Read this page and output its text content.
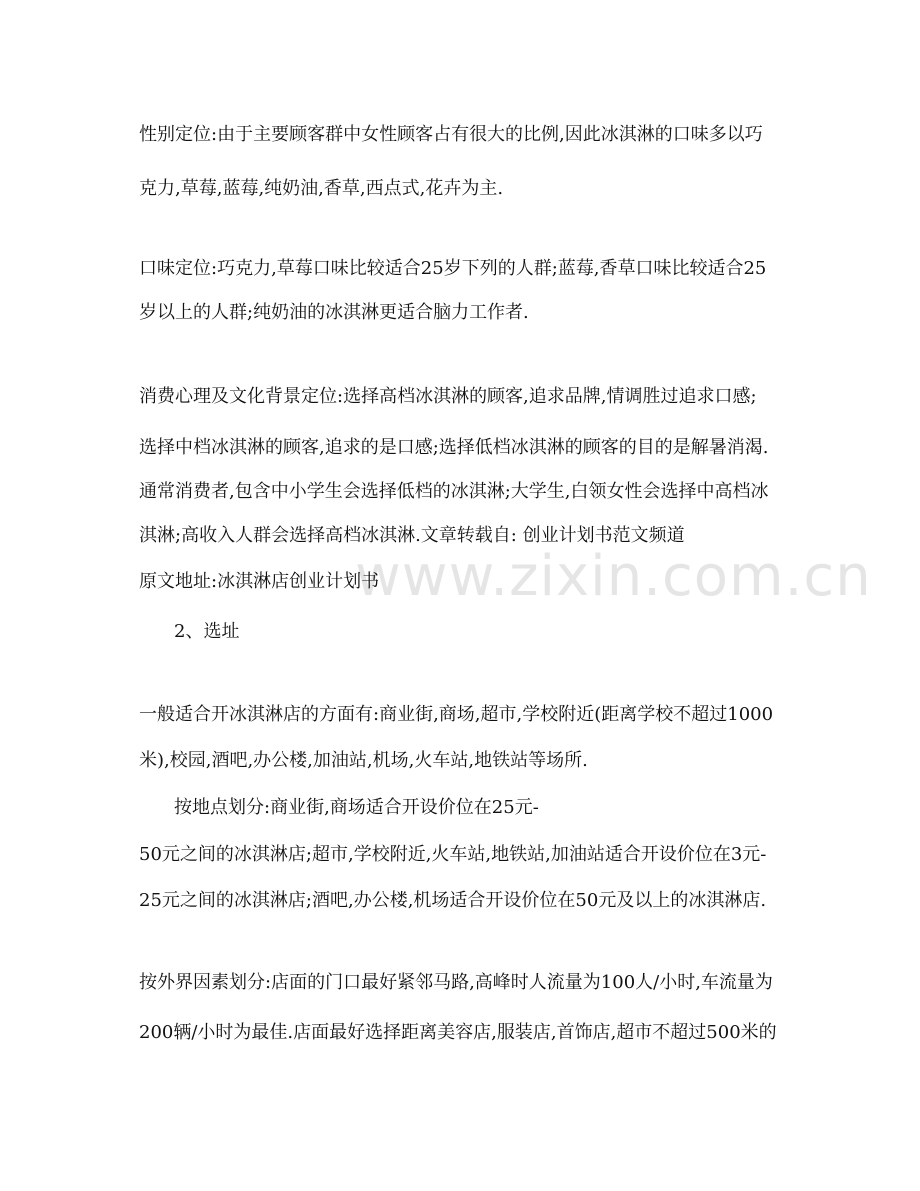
www.zixin.com.cn
性别定位:由于主要顾客群中女性顾客占有很大的比例,因此冰淇淋的口味多以巧
克力,草莓,蓝莓,纯奶油,香草,西点式,花卉为主.
口味定位:巧克力,草莓口味比较适合25岁下列的人群;蓝莓,香草口味比较适合25
岁以上的人群;纯奶油的冰淇淋更适合脑力工作者.
消费心理及文化背景定位:选择高档冰淇淋的顾客,追求品牌,情调胜过追求口感;
选择中档冰淇淋的顾客,追求的是口感;选择低档冰淇淋的顾客的目的是解暑消渴.
通常消费者,包含中小学生会选择低档的冰淇淋;大学生,白领女性会选择中高档冰
淇淋;高收入人群会选择高档冰淇淋.文章转载自: 创业计划书范文频道
原文地址:冰淇淋店创业计划书
2、选址
一般适合开冰淇淋店的方面有:商业街,商场,超市,学校附近(距离学校不超过1000
米),校园,酒吧,办公楼,加油站,机场,火车站,地铁站等场所.
按地点划分:商业街,商场适合开设价位在25元-
50元之间的冰淇淋店;超市,学校附近,火车站,地铁站,加油站适合开设价位在3元-
25元之间的冰淇淋店;酒吧,办公楼,机场适合开设价位在50元及以上的冰淇淋店.
按外界因素划分:店面的门口最好紧邻马路,高峰时人流量为100人/小时,车流量为
200辆/小时为最佳.店面最好选择距离美容店,服装店,首饰店,超市不超过500米的
